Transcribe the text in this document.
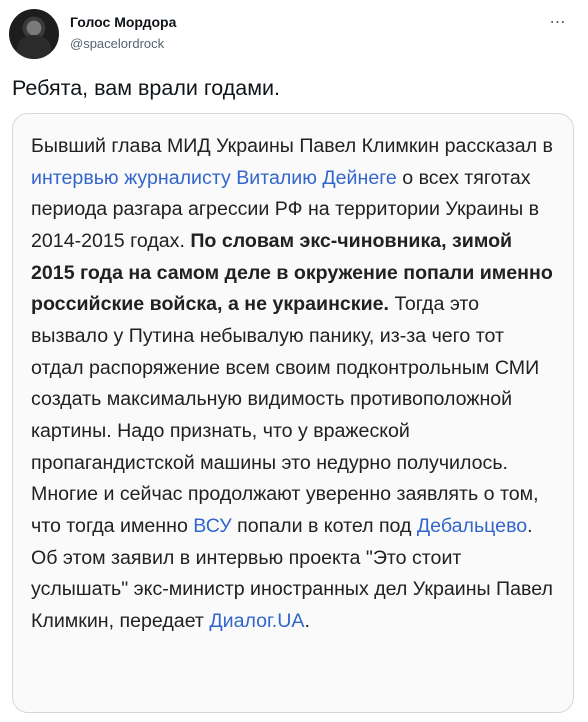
Голос Мордора
@spacelordrock
⋯
Ребята, вам врали годами.
Бывший глава МИД Украины Павел Климкин рассказал в интервью журналисту Виталию Дейнеге о всех тяготах периода разгара агрессии РФ на территории Украины в 2014-2015 годах. По словам экс-чиновника, зимой 2015 года на самом деле в окружение попали именно российские войска, а не украинские. Тогда это вызвало у Путина небывалую панику, из-за чего тот отдал распоряжение всем своим подконтрольным СМИ создать максимальную видимость противоположной картины. Надо признать, что у вражеской пропагандистской машины это недурно получилось. Многие и сейчас продолжают уверенно заявлять о том, что тогда именно ВСУ попали в котел под Дебальцево. Об этом заявил в интервью проекта "Это стоит услышать" экс-министр иностранных дел Украины Павел Климкин, передает Диалог.UA.
